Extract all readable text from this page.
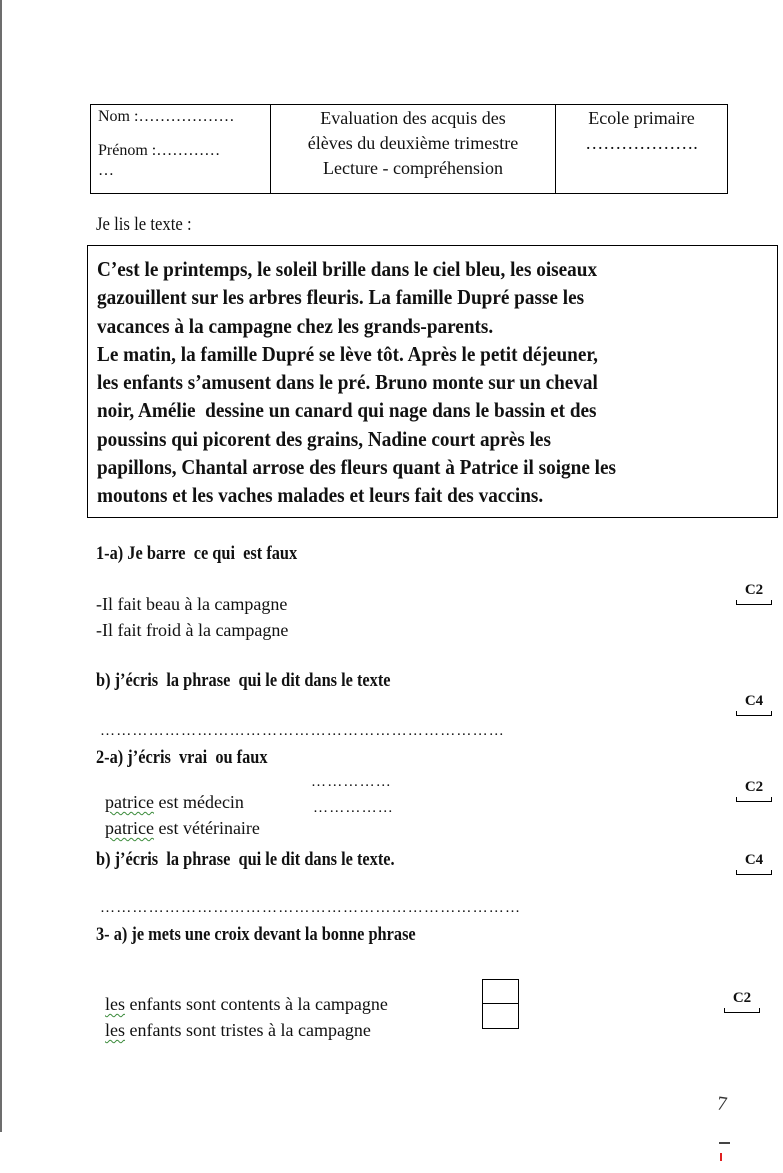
Nom :………………
Prénom :…………
…
Evaluation des acquis des
élèves du deuxième trimestre
Lecture - compréhension
Ecole primaire
……………….
Je lis le texte :

C’est le printemps, le soleil brille dans le ciel bleu, les oiseaux

gazouillent sur les arbres fleuris. La famille Dupré passe les

vacances à la campagne chez les grands-parents.

Le matin, la famille Dupré se lève tôt. Après le petit déjeuner,

les enfants s’amusent dans le pré. Bruno monte sur un cheval

noir, Amélie  dessine un canard qui nage dans le bassin et des

poussins qui picorent des grains, Nadine court après les

papillons, Chantal arrose des fleurs quant à Patrice il soigne les

moutons et les vaches malades et leurs fait des vaccins.

1-a) Je barre  ce qui  est faux
-Il fait beau à la campagne
-Il fait froid à la campagne
C2
b) j’écris  la phrase  qui le dit dans le texte
C4
…………………………………………………………………
2-a) j’écris  vrai  ou faux

patrice est médecin

……………

patrice est vétérinaire

……………
C2
b) j’écris  la phrase  qui le dit dans le texte.	C4
……………………………………………………………………
3- a) je mets une croix devant la bonne phrase

les enfants sont contents à la campagne

les enfants sont tristes à la campagne

C2
7
